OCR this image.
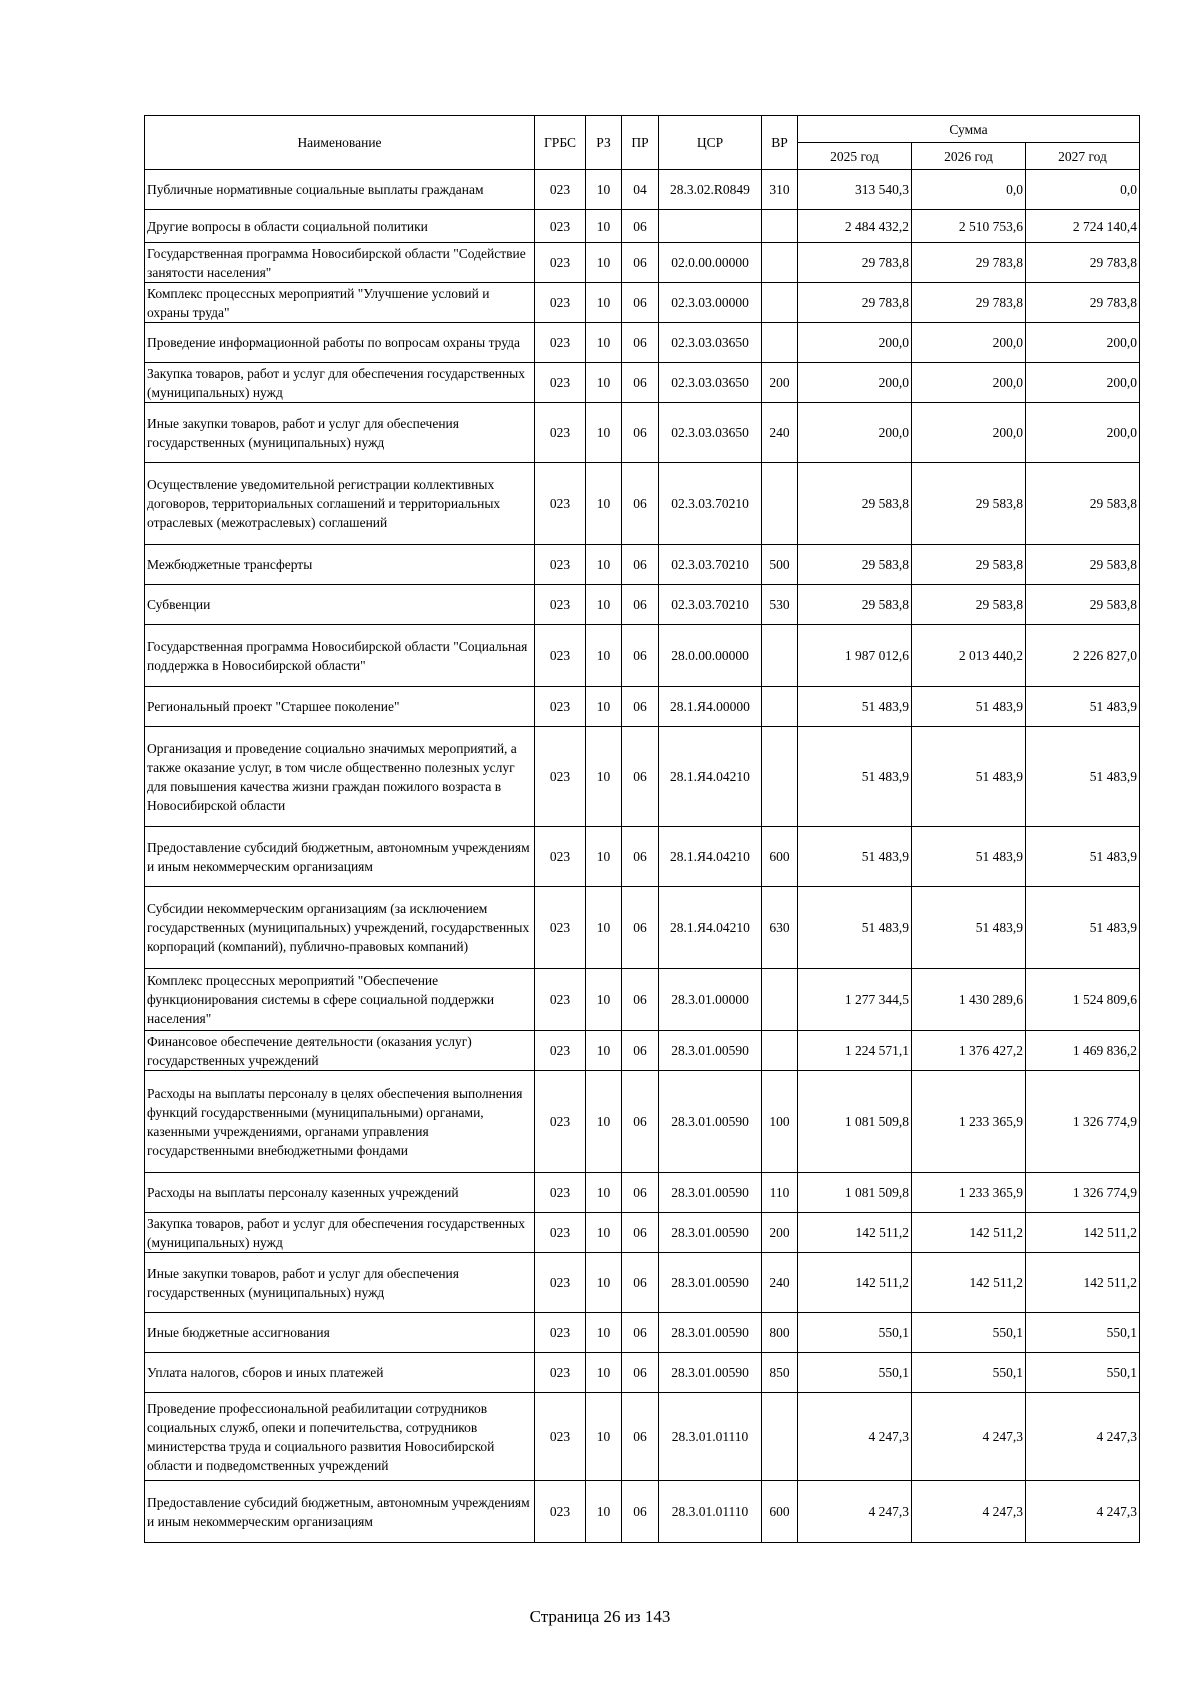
Наименование	ГРБС	РЗ	ПР	ЦСР	ВР	Сумма		
						2025 год	2026 год	2027 год
Публичные нормативные социальные выплаты гражданам	023	10	04	28.3.02.R0849	310	313 540,3	0,0	0,0
Другие вопросы в области социальной политики	023	10	06			2 484 432,2	2 510 753,6	2 724 140,4
Государственная программа Новосибирской области "Содействие занятости населения"	023	10	06	02.0.00.00000		29 783,8	29 783,8	29 783,8
Комплекс процессных мероприятий "Улучшение условий и охраны труда"	023	10	06	02.3.03.00000		29 783,8	29 783,8	29 783,8
Проведение информационной работы по вопросам охраны труда	023	10	06	02.3.03.03650		200,0	200,0	200,0
Закупка товаров, работ и услуг для обеспечения государственных (муниципальных) нужд	023	10	06	02.3.03.03650	200	200,0	200,0	200,0
Иные закупки товаров, работ и услуг для обеспечения государственных (муниципальных) нужд	023	10	06	02.3.03.03650	240	200,0	200,0	200,0
Осуществление уведомительной регистрации коллективных договоров, территориальных соглашений и территориальных отраслевых (межотраслевых) соглашений	023	10	06	02.3.03.70210		29 583,8	29 583,8	29 583,8
Межбюджетные трансферты	023	10	06	02.3.03.70210	500	29 583,8	29 583,8	29 583,8
Субвенции	023	10	06	02.3.03.70210	530	29 583,8	29 583,8	29 583,8
Государственная программа Новосибирской области "Социальная поддержка в Новосибирской области"	023	10	06	28.0.00.00000		1 987 012,6	2 013 440,2	2 226 827,0
Региональный проект "Старшее поколение"	023	10	06	28.1.Я4.00000		51 483,9	51 483,9	51 483,9
Организация и проведение социально значимых мероприятий, а также оказание услуг, в том числе общественно полезных услуг для повышения качества жизни граждан пожилого возраста в Новосибирской области	023	10	06	28.1.Я4.04210		51 483,9	51 483,9	51 483,9
Предоставление субсидий бюджетным, автономным учреждениям и иным некоммерческим организациям	023	10	06	28.1.Я4.04210	600	51 483,9	51 483,9	51 483,9
Субсидии некоммерческим организациям (за исключением государственных (муниципальных) учреждений, государственных корпораций (компаний), публично-правовых компаний)	023	10	06	28.1.Я4.04210	630	51 483,9	51 483,9	51 483,9
Комплекс процессных мероприятий "Обеспечение функционирования системы в сфере социальной поддержки населения"	023	10	06	28.3.01.00000		1 277 344,5	1 430 289,6	1 524 809,6
Финансовое обеспечение деятельности (оказания услуг) государственных учреждений	023	10	06	28.3.01.00590		1 224 571,1	1 376 427,2	1 469 836,2
Расходы на выплаты персоналу в целях обеспечения выполнения функций государственными (муниципальными) органами, казенными учреждениями, органами управления государственными внебюджетными фондами	023	10	06	28.3.01.00590	100	1 081 509,8	1 233 365,9	1 326 774,9
Расходы на выплаты персоналу казенных учреждений	023	10	06	28.3.01.00590	110	1 081 509,8	1 233 365,9	1 326 774,9
Закупка товаров, работ и услуг для обеспечения государственных (муниципальных) нужд	023	10	06	28.3.01.00590	200	142 511,2	142 511,2	142 511,2
Иные закупки товаров, работ и услуг для обеспечения государственных (муниципальных) нужд	023	10	06	28.3.01.00590	240	142 511,2	142 511,2	142 511,2
Иные бюджетные ассигнования	023	10	06	28.3.01.00590	800	550,1	550,1	550,1
Уплата налогов, сборов и иных платежей	023	10	06	28.3.01.00590	850	550,1	550,1	550,1
Проведение профессиональной реабилитации сотрудников социальных служб, опеки и попечительства, сотрудников министерства труда и социального развития Новосибирской области и подведомственных учреждений	023	10	06	28.3.01.01110		4 247,3	4 247,3	4 247,3
Предоставление субсидий бюджетным, автономным учреждениям и иным некоммерческим организациям	023	10	06	28.3.01.01110	600	4 247,3	4 247,3	4 247,3
Страница 26 из 143
